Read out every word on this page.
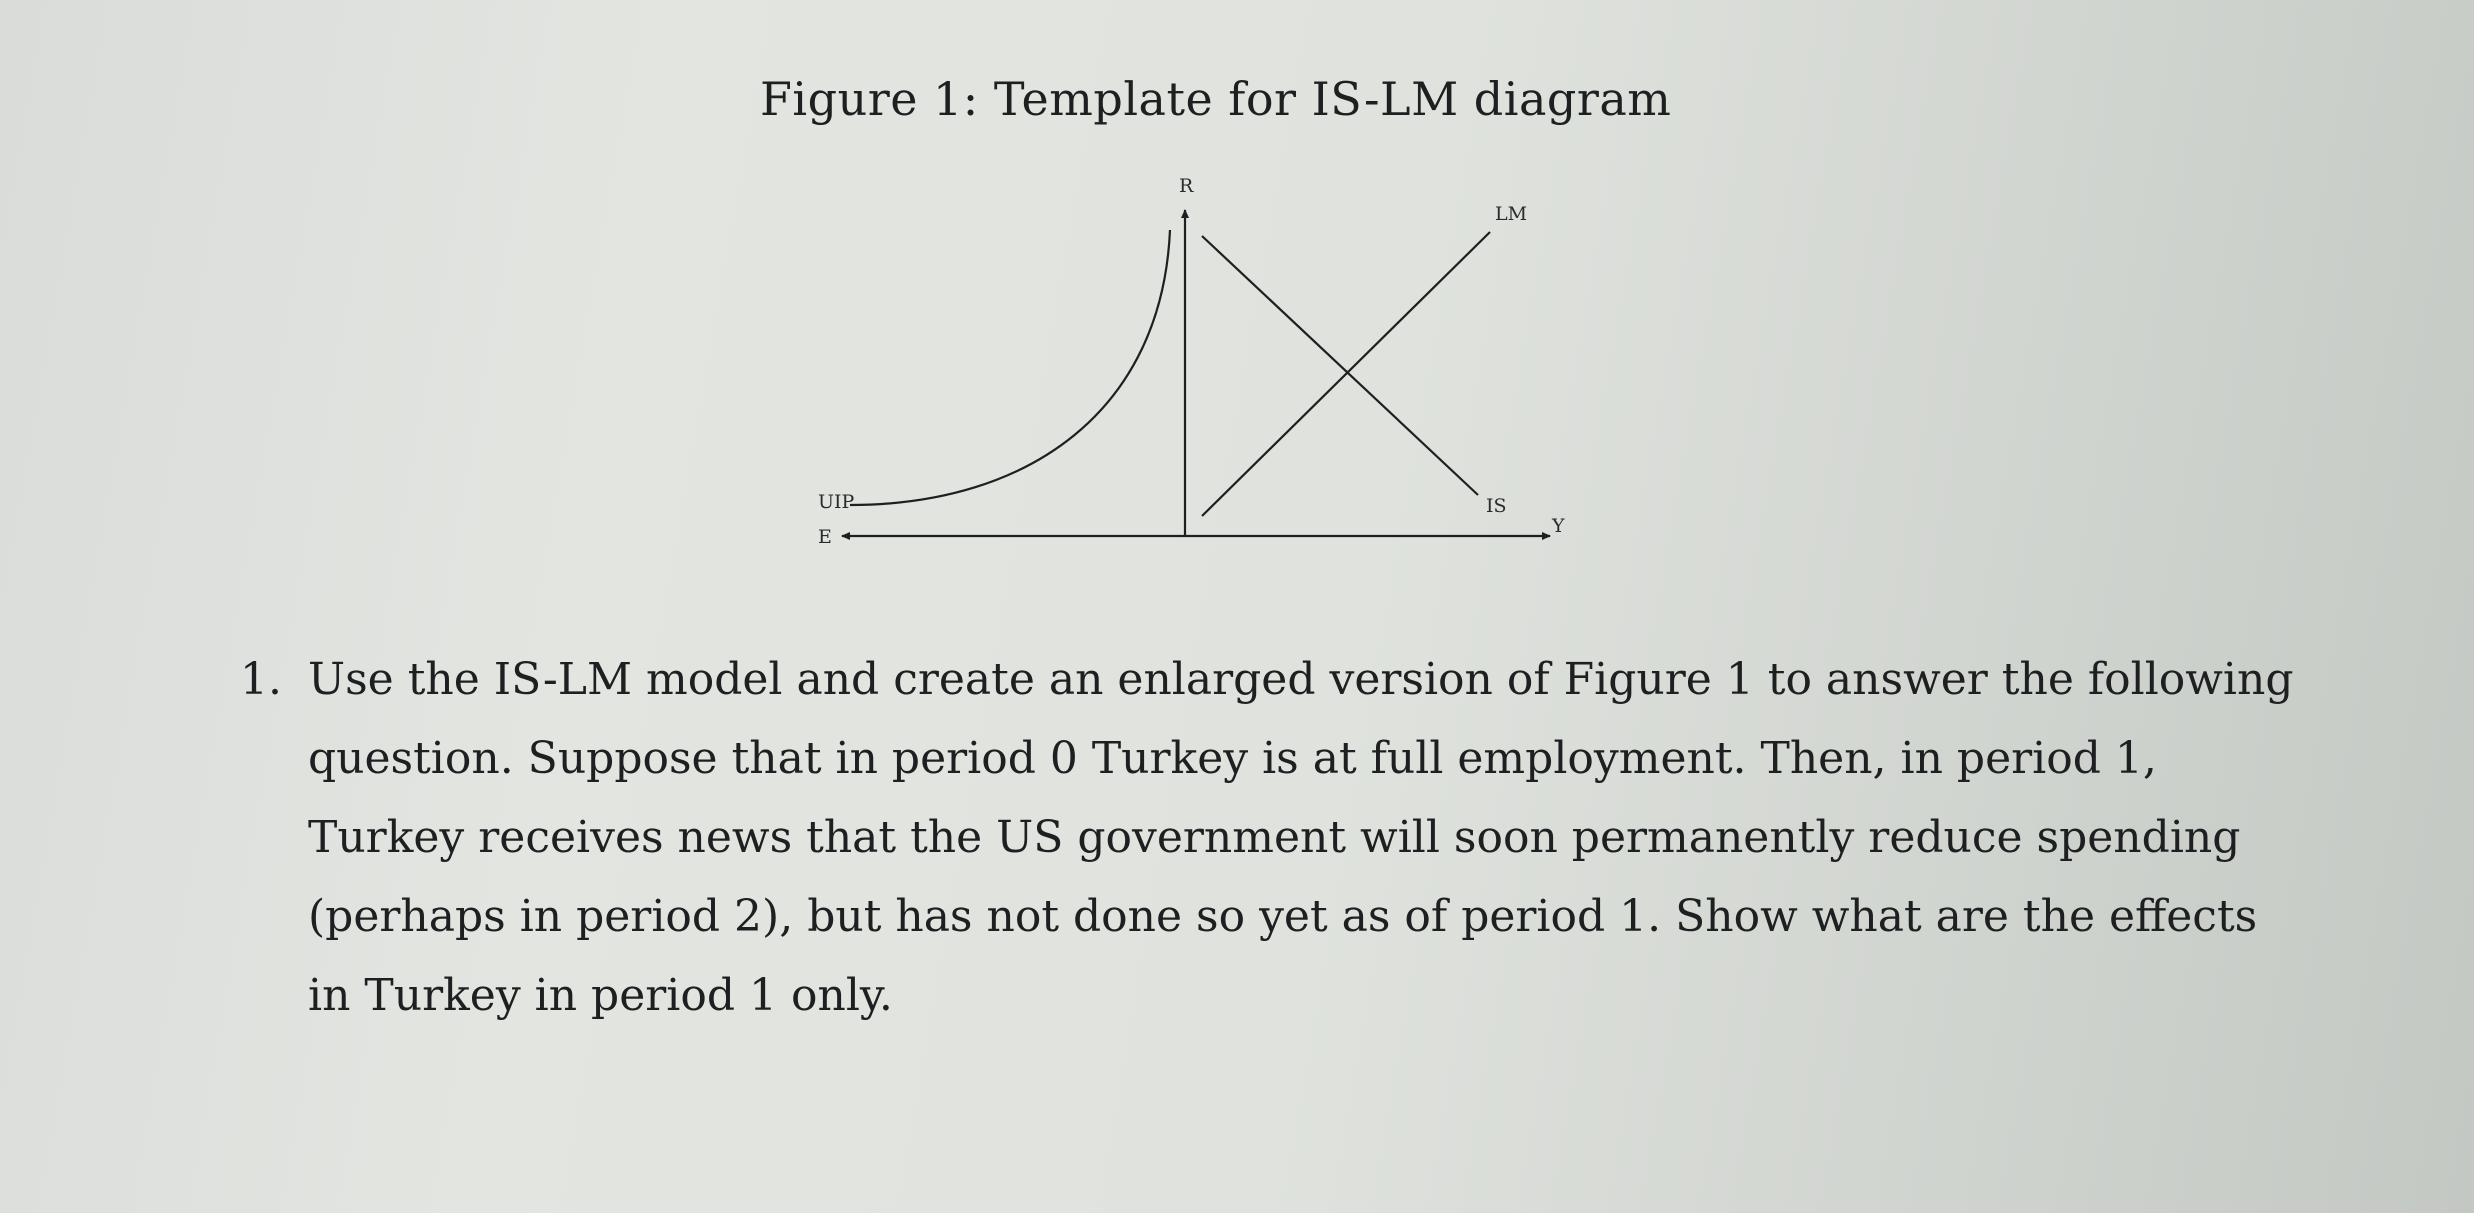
Figure 1: Template for IS-LM diagram
R
E	Y
UIP	IS
LM
1. Use the IS-LM model and create an enlarged version of Figure 1 to answer the following
question. Suppose that in period 0 Turkey is at full employment. Then, in period 1,
Turkey receives news that the US government will soon permanently reduce spending
(perhaps in period 2), but has not done so yet as of period 1. Show what are the effects
in Turkey in period 1 only.
